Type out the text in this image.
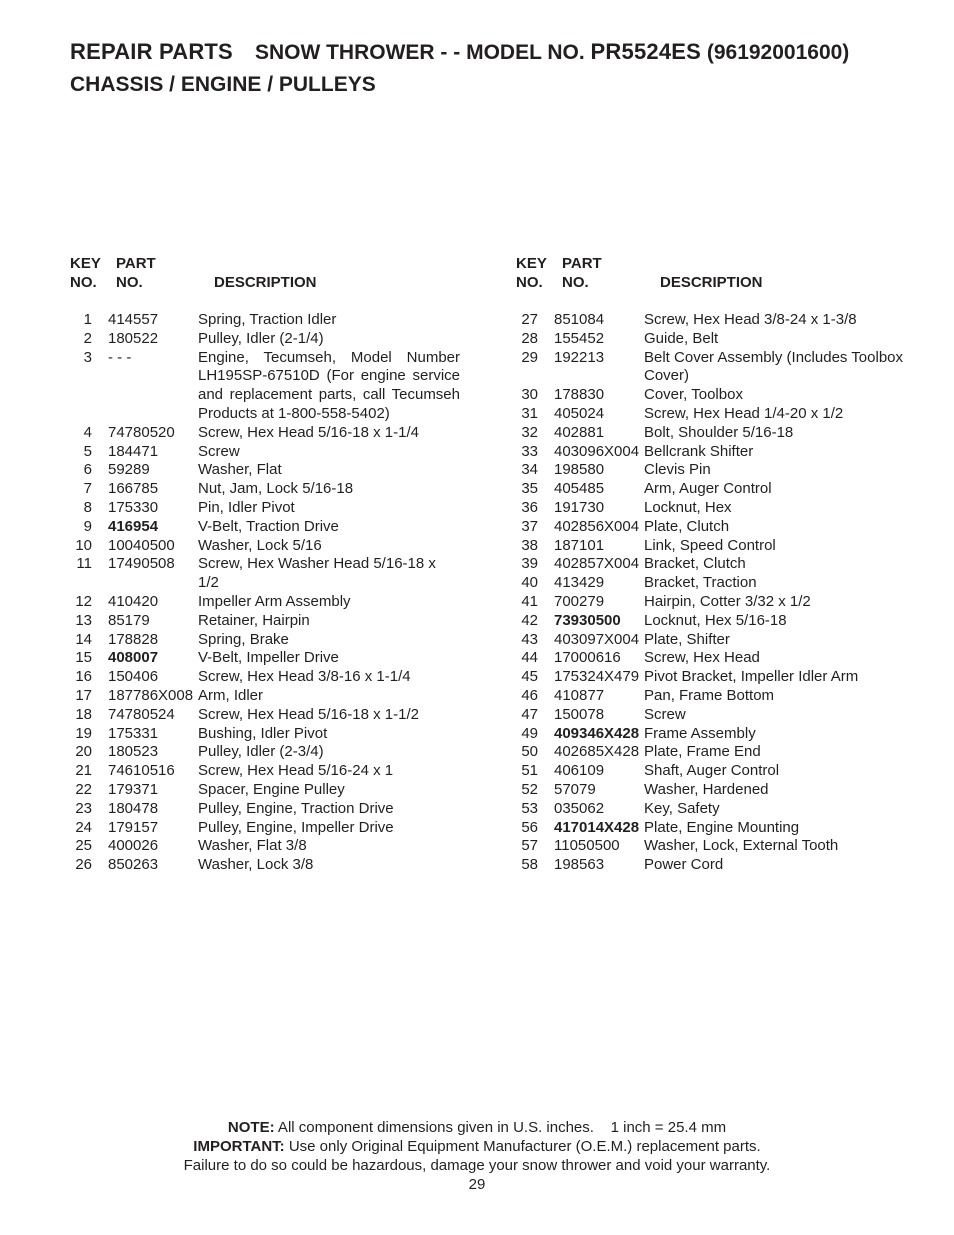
REPAIR PARTS SNOW THROWER - - MODEL NO. PR5524ES (96192001600)
CHASSIS / ENGINE / PULLEYS
KEY
NO.
PART
NO.	DESCRIPTION
1	414557	Spring, Traction Idler
2	180522	Pulley, Idler (2-1/4)
3	- - -	Engine, Tecumseh, Model Number LH195SP-67510D (For engine service and replacement parts, call Tecumseh Products at 1-800-558-5402)
4	74780520	Screw, Hex Head 5/16-18 x 1-1/4
5	184471	Screw
6	59289	Washer, Flat
7	166785	Nut, Jam, Lock 5/16-18
8	175330	Pin, Idler Pivot
9	416954	V-Belt, Traction Drive
10	10040500	Washer, Lock 5/16
11	17490508	Screw, Hex Washer Head 5/16-18 x 1/2
12	410420	Impeller Arm Assembly
13	85179	Retainer, Hairpin
14	178828	Spring, Brake
15	408007	V-Belt, Impeller Drive
16	150406	Screw, Hex Head 3/8-16 x 1-1/4
17	187786X008 Arm, Idler
18	74780524	Screw, Hex Head 5/16-18 x 1-1/2
19	175331	Bushing, Idler Pivot
20	180523	Pulley, Idler (2-3/4)
21	74610516	Screw, Hex Head 5/16-24 x 1
22	179371	Spacer, Engine Pulley
23	180478	Pulley, Engine, Traction Drive
24	179157	Pulley, Engine, Impeller Drive
25	400026	Washer, Flat 3/8
26	850263	Washer, Lock 3/8
KEY
NO.
PART
NO.	DESCRIPTION
27	851084	Screw, Hex Head 3/8-24 x 1-3/8
28	155452	Guide, Belt
29	192213	Belt Cover Assembly (Includes Toolbox Cover)
30	178830	Cover, Toolbox
31	405024	Screw, Hex Head 1/4-20 x 1/2
32	402881	Bolt, Shoulder 5/16-18
33	403096X004 Bellcrank Shifter
34	198580	Clevis Pin
35	405485	Arm, Auger Control
36	191730	Locknut, Hex
37	402856X004 Plate, Clutch
38	187101	Link, Speed Control
39	402857X004 Bracket, Clutch
40	413429	Bracket, Traction
41	700279	Hairpin, Cotter 3/32 x 1/2
42	73930500	Locknut, Hex 5/16-18
43	403097X004 Plate, Shifter
44	17000616	Screw, Hex Head
45	175324X479 Pivot Bracket, Impeller Idler Arm
46	410877	Pan, Frame Bottom
47	150078	Screw
49	409346X428 Frame Assembly
50	402685X428 Plate, Frame End
51	406109	Shaft, Auger Control
52	57079	Washer, Hardened
53	035062	Key, Safety
56	417014X428 Plate, Engine Mounting
57	11050500	Washer, Lock, External Tooth
58	198563	Power Cord
NOTE: All component dimensions given in U.S. inches.    1 inch = 25.4 mm
IMPORTANT: Use only Original Equipment Manufacturer (O.E.M.) replacement parts.
Failure to do so could be hazardous, damage your snow thrower and void your warranty.
29
